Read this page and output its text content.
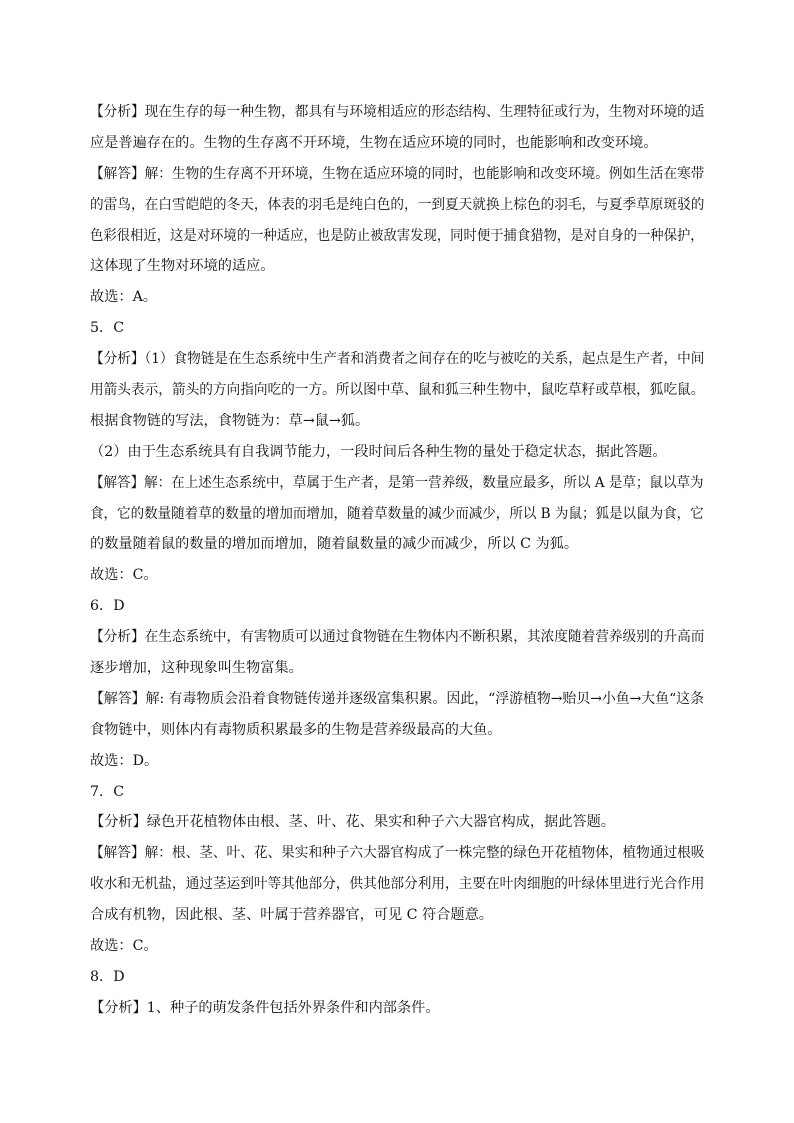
【分析】现在生存的每一种生物，都具有与环境相适应的形态结构、生理特征或行为，生物对环境的适
应是普遍存在的。生物的生存离不开环境，生物在适应环境的同时，也能影响和改变环境。
【解答】解：生物的生存离不开环境，生物在适应环境的同时，也能影响和改变环境。例如生活在寒带
的雷鸟，在白雪皑皑的冬天，体表的羽毛是纯白色的，一到夏天就换上棕色的羽毛，与夏季草原斑驳的
色彩很相近，这是对环境的一种适应，也是防止被敌害发现，同时便于捕食猎物，是对自身的一种保护，
这体现了生物对环境的适应。
故选：A。
5．C
【分析】（1）食物链是在生态系统中生产者和消费者之间存在的吃与被吃的关系，起点是生产者，中间
用箭头表示，箭头的方向指向吃的一方。所以图中草、鼠和狐三种生物中，鼠吃草籽或草根，狐吃鼠。
根据食物链的写法，食物链为：草→鼠→狐。
（2）由于生态系统具有自我调节能力，一段时间后各种生物的量处于稳定状态，据此答题。
【解答】解：在上述生态系统中，草属于生产者，是第一营养级，数量应最多，所以 A 是草；鼠以草为
食，它的数量随着草的数量的增加而增加，随着草数量的减少而减少，所以 B 为鼠；狐是以鼠为食，它
的数量随着鼠的数量的增加而增加，随着鼠数量的减少而减少，所以 C 为狐。
故选：C。
6．D
【分析】在生态系统中，有害物质可以通过食物链在生物体内不断积累，其浓度随着营养级别的升高而
逐步增加，这种现象叫生物富集。
【解答】解: 有毒物质会沿着食物链传递并逐级富集积累。因此，“浮游植物→贻贝→小鱼→大鱼“这条
食物链中，则体内有毒物质积累最多的生物是营养级最高的大鱼。
故选：D。
7．C
【分析】绿色开花植物体由根、茎、叶、花、果实和种子六大器官构成，据此答题。
【解答】解：根、茎、叶、花、果实和种子六大器官构成了一株完整的绿色开花植物体，植物通过根吸
收水和无机盐，通过茎运到叶等其他部分，供其他部分利用，主要在叶肉细胞的叶绿体里进行光合作用
合成有机物，因此根、茎、叶属于营养器官，可见 C 符合题意。
故选：C。
8．D
【分析】1、种子的萌发条件包括外界条件和内部条件。
